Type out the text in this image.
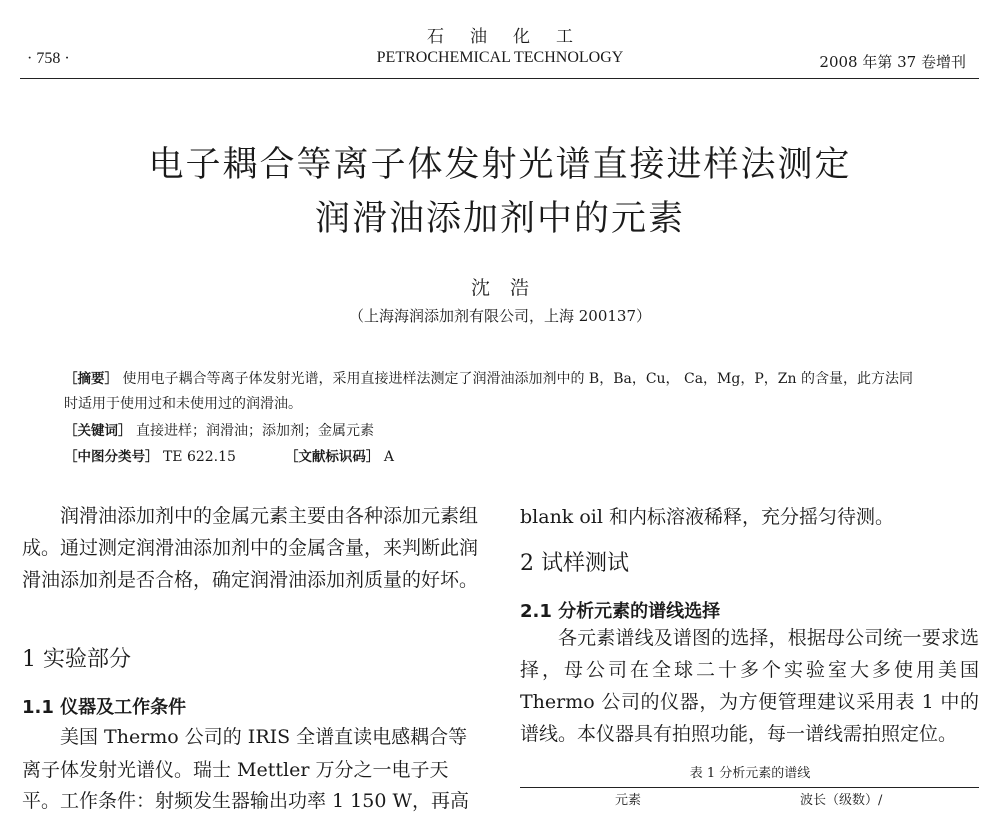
石油化工
PETROCHEMICAL TECHNOLOGY
· 758 ·	2008 年第 37 卷增刊
电子耦合等离子体发射光谱直接进样法测定
润滑油添加剂中的元素
沈浩
（上海海润添加剂有限公司，上海 200137）
［摘要］ 使用电子耦合等离子体发射光谱，采用直接进样法测定了润滑油添加剂中的 B，Ba，Cu， Ca，Mg，P，Zn 的含量，此方法同
时适用于使用过和未使用过的润滑油。
［关键词］ 直接进样；润滑油；添加剂；金属元素
［中图分类号］ TE 622.15	［文献标识码］ A

润滑油添加剂中的金属元素主要由各种添加元素组成。通过测定润滑油添加剂中的金属含量，来判断此润滑油添加剂是否合格，确定润滑油添加剂质量的好坏。

1 实验部分
1.1 仪器及工作条件
美国 Thermo 公司的 IRIS 全谱直读电感耦合等
离子体发射光谱仪。瑞士 Mettler 万分之一电子天
平。工作条件：射频发生器输出功率 1 150 W，再高
blank oil 和内标溶液稀释，充分摇匀待测。
2 试样测试
2.1 分析元素的谱线选择

各元素谱线及谱图的选择，根据母公司统一要求选择，母公司在全球二十多个实验室大多使用美国 Thermo 公司的仪器，为方便管理建议采用表 1 中的谱线。本仪器具有拍照功能，每一谱线需拍照定位。

表 1 分析元素的谱线
元素	波长（级数）/
